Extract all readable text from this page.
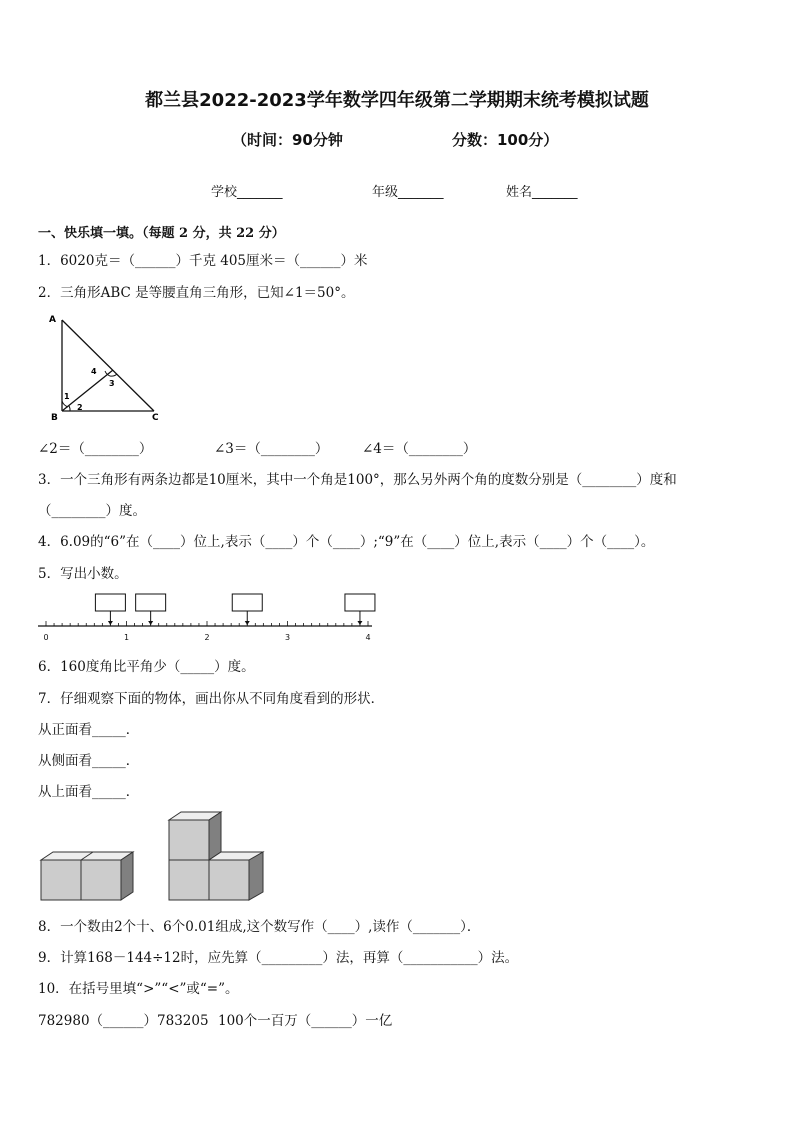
都兰县2022-2023学年数学四年级第二学期期末统考模拟试题
（时间：90分钟	分数：100分）
学校_______	年级_______	姓名_______
一、快乐填一填。（每题 2 分，共 22 分）
1．6020克＝（______）千克 405厘米＝（______）米
2．三角形ABC 是等腰直角三角形，已知∠1＝50°。
A
B	C
1
2
3
4
∠2＝（________）	∠3＝（________） ∠4＝（________）
3．一个三角形有两条边都是10厘米，其中一个角是100°，那么另外两个角的度数分别是（________）度和
（________）度。
4．6.09的“6”在（____）位上,表示（____）个（____）;“9”在（____）位上,表示（____）个（____）。
5．写出小数。
0	1	2	3	4
6．160度角比平角少（_____）度。
7．仔细观察下面的物体，画出你从不同角度看到的形状．
从正面看_____．
从侧面看_____．
从上面看_____．
8．一个数由2个十、6个0.01组成,这个数写作（____）,读作（_______）．
9．计算168－144÷12时，应先算（_________）法，再算（___________）法。
10．在括号里填“>”“<”或“=”。
782980（______）783205 100个一百万（______）一亿
